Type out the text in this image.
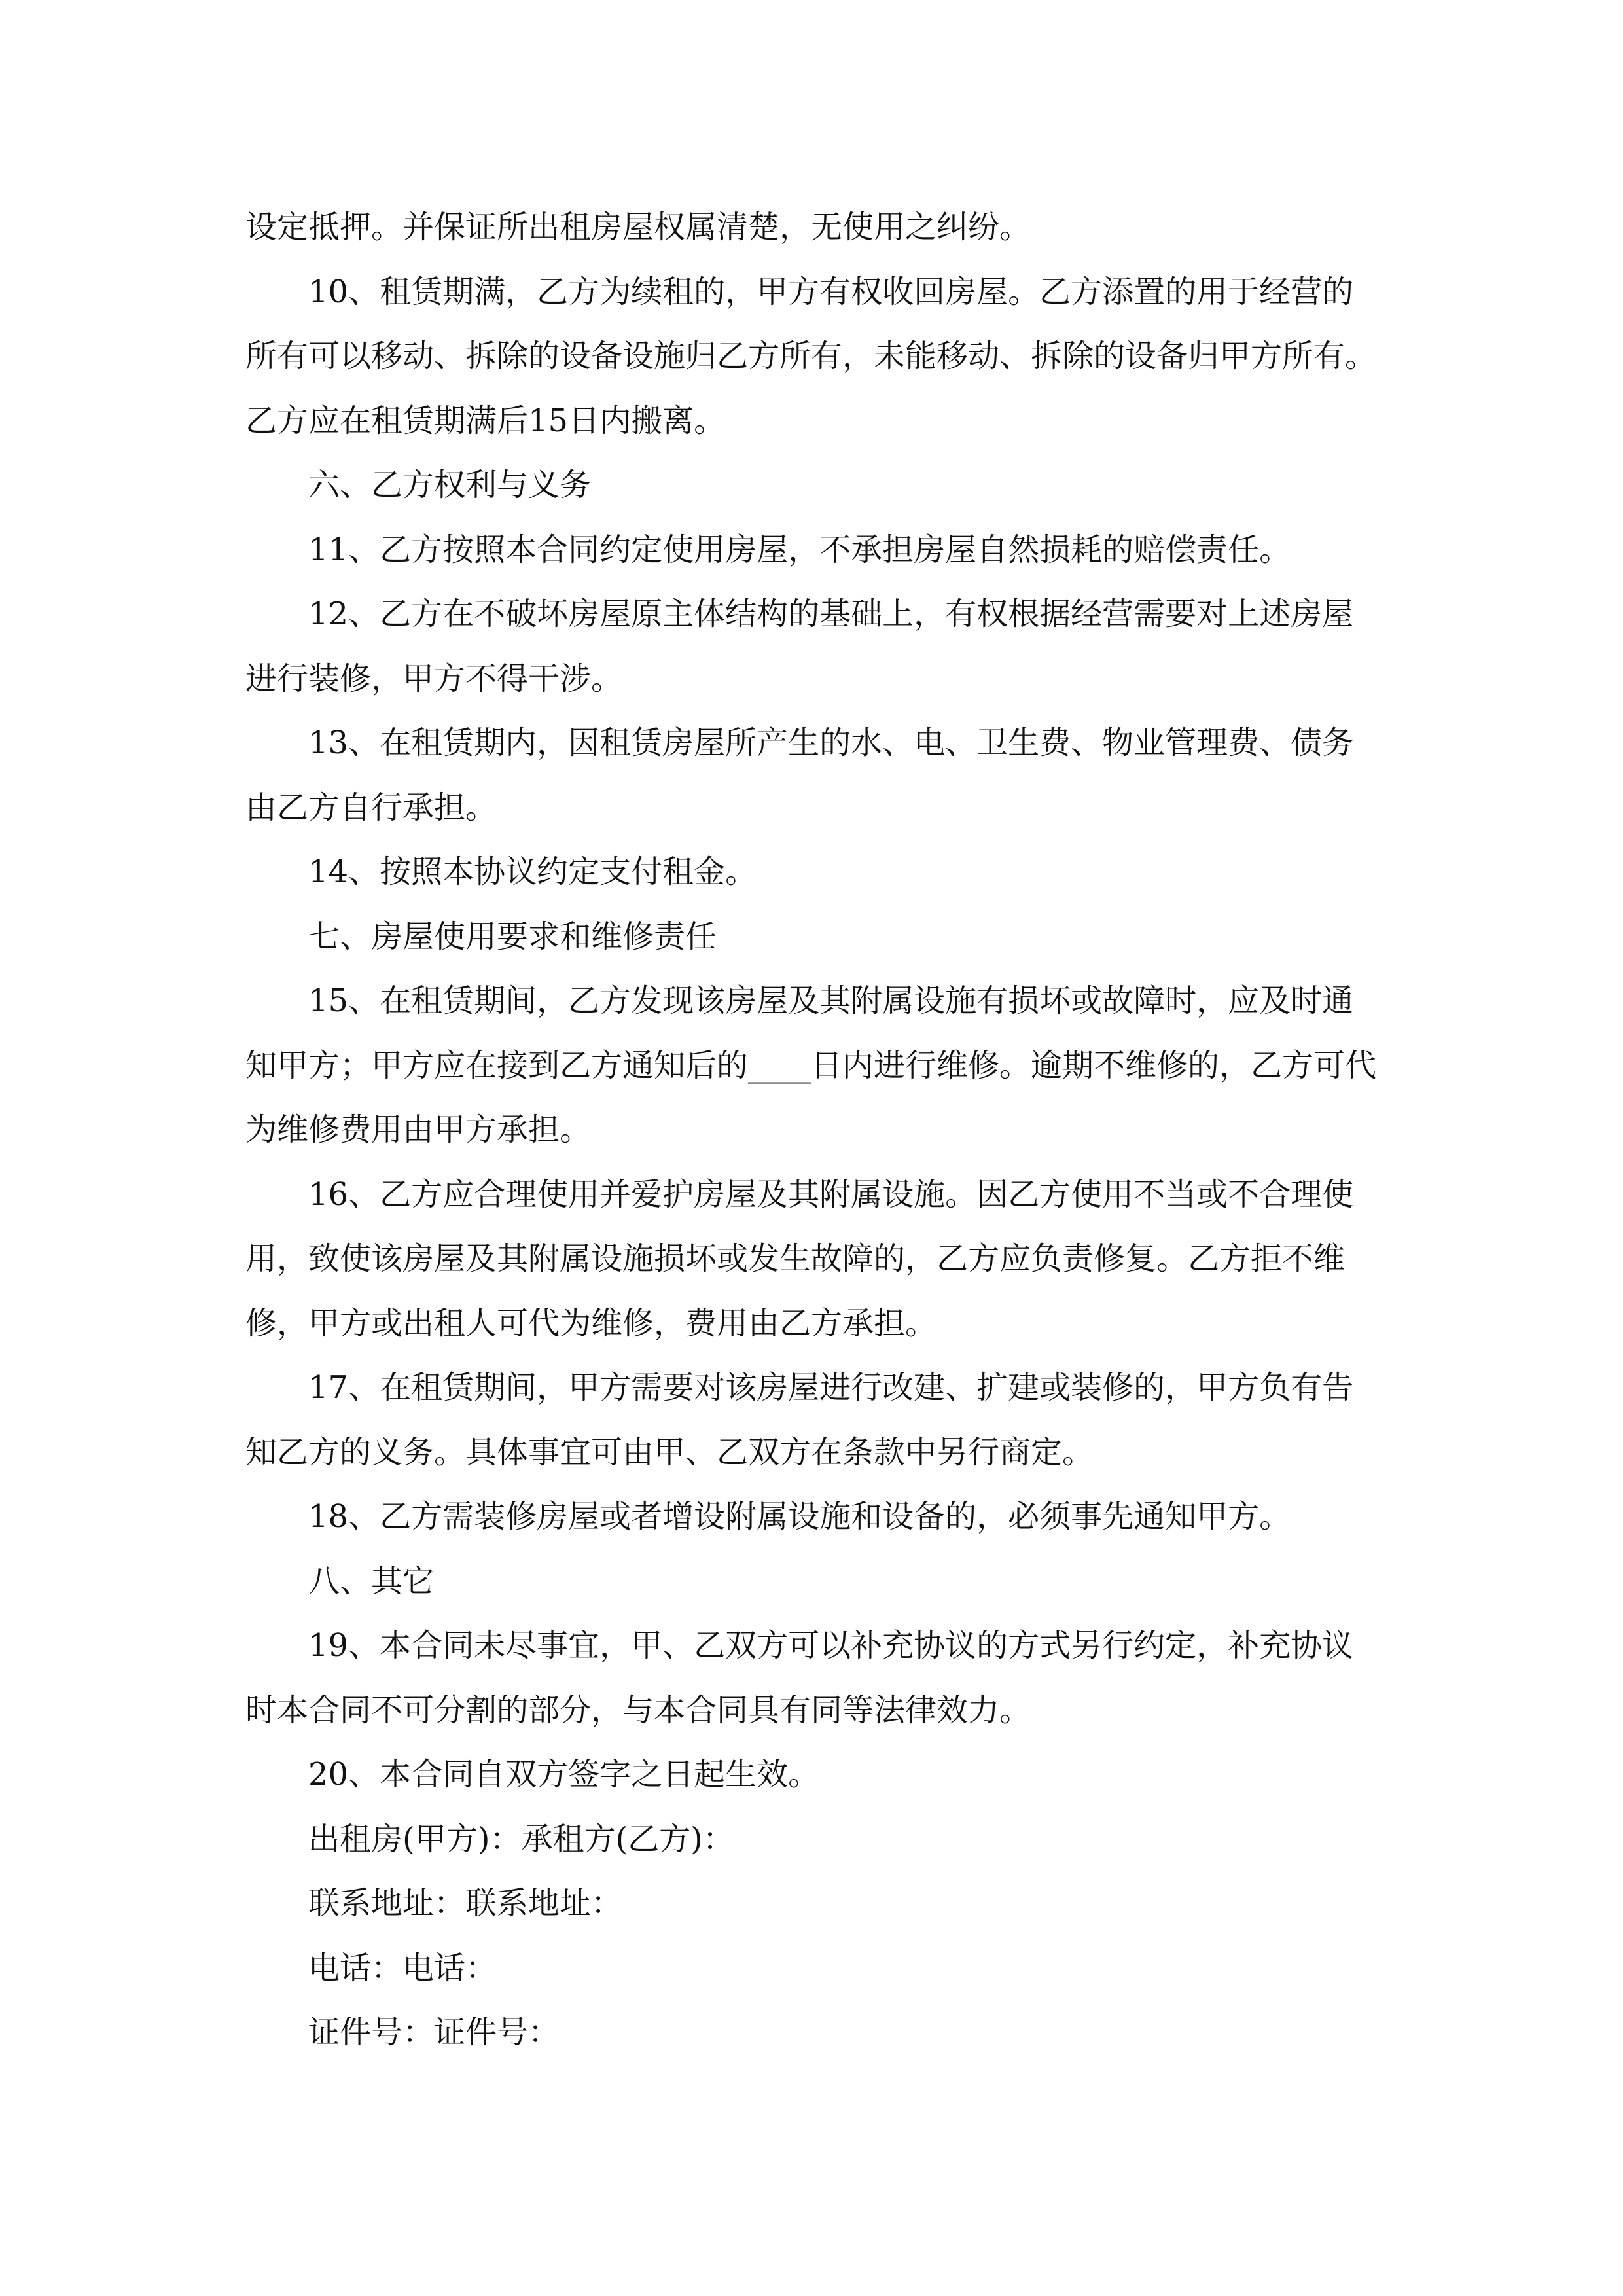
设定抵押。并保证所出租房屋权属清楚，无使用之纠纷。

10、租赁期满，乙方为续租的，甲方有权收回房屋。乙方添置的用于经营的所有可以移动、拆除的设备设施归乙方所有，未能移动、拆除的设备归甲方所有。乙方应在租赁期满后15日内搬离。

六、乙方权利与义务

11、乙方按照本合同约定使用房屋，不承担房屋自然损耗的赔偿责任。

12、乙方在不破坏房屋原主体结构的基础上，有权根据经营需要对上述房屋进行装修，甲方不得干涉。

13、在租赁期内，因租赁房屋所产生的水、电、卫生费、物业管理费、债务由乙方自行承担。

14、按照本协议约定支付租金。

七、房屋使用要求和维修责任

15、在租赁期间，乙方发现该房屋及其附属设施有损坏或故障时，应及时通知甲方；甲方应在接到乙方通知后的____日内进行维修。逾期不维修的，乙方可代为维修费用由甲方承担。

16、乙方应合理使用并爱护房屋及其附属设施。因乙方使用不当或不合理使用，致使该房屋及其附属设施损坏或发生故障的，乙方应负责修复。乙方拒不维修，甲方或出租人可代为维修，费用由乙方承担。

17、在租赁期间，甲方需要对该房屋进行改建、扩建或装修的，甲方负有告知乙方的义务。具体事宜可由甲、乙双方在条款中另行商定。

18、乙方需装修房屋或者增设附属设施和设备的，必须事先通知甲方。

八、其它

19、本合同未尽事宜，甲、乙双方可以补充协议的方式另行约定，补充协议时本合同不可分割的部分，与本合同具有同等法律效力。

20、本合同自双方签字之日起生效。

出租房(甲方)：承租方(乙方)：

联系地址：联系地址：

电话：电话：

证件号：证件号：
